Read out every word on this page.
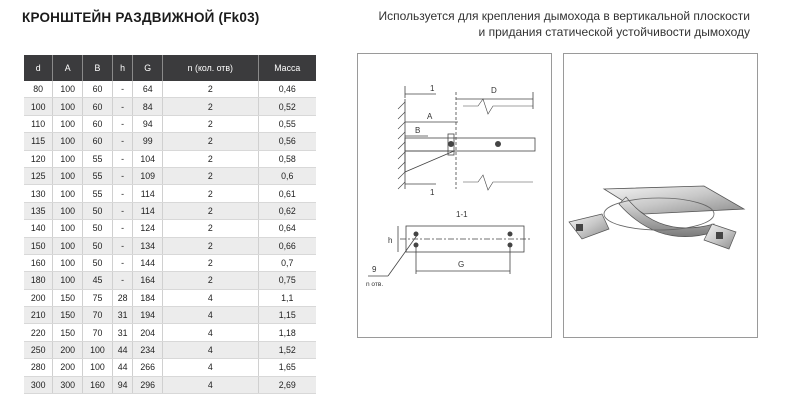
КРОНШТЕЙН РАЗДВИЖНОЙ (Fk03)	Используется для крепления дымохода в вертикальной плоскости
и придания статической устойчивости дымоходу
d	A	B	h	G	n (кол. отв)	Масса
80	100	60	-	64	2	0,46
100	100	60	-	84	2	0,52
110	100	60	-	94	2	0,55
115	100	60	-	99	2	0,56
120	100	55	-	104	2	0,58
125	100	55	-	109	2	0,6
130	100	55	-	114	2	0,61
135	100	50	-	114	2	0,62
140	100	50	-	124	2	0,64
150	100	50	-	134	2	0,66
160	100	50	-	144	2	0,7
180	100	45	-	164	2	0,75
200	150	75	28	184	4	1,1
210	150	70	31	194	4	1,15
220	150	70	31	204	4	1,18
250	200	100	44	234	4	1,52
280	200	100	44	266	4	1,65
300	300	160	94	296	4	2,69
D
A
B
1
1
1-1
h
G
9
n отв.
